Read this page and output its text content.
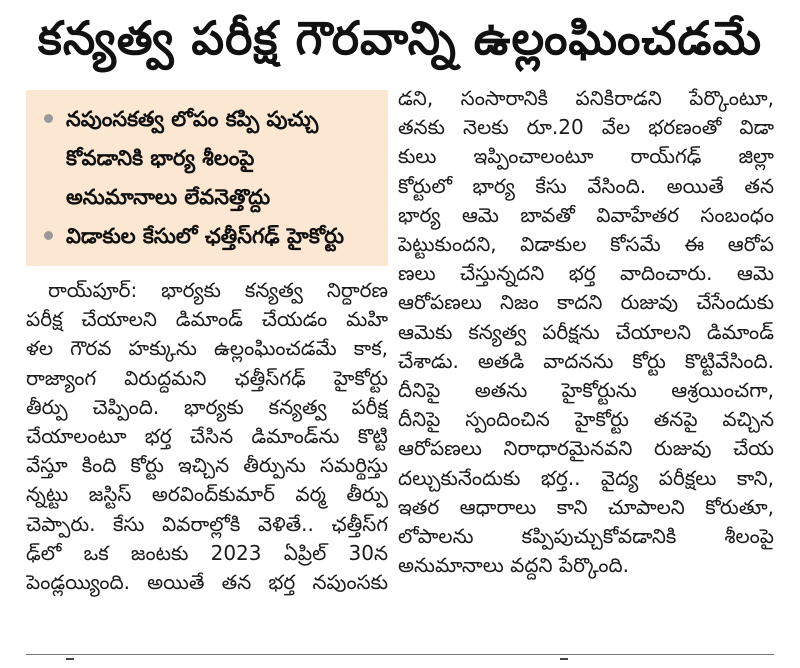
కన్యత్వ పరీక్ష గౌరవాన్ని ఉల్లంఘించడమే
నపుంసకత్వ లోపం కప్పి పుచ్చు
కోవడానికి భార్య శీలంపై
అనుమానాలు లేవనెత్తొద్దు
విడాకుల కేసులో ఛత్తీస్‌గఢ్ హైకోర్టు
రాయ్‌పూర్: భార్యకు కన్యత్వ నిర్ధారణ
పరీక్ష చేయాలని డిమాండ్ చేయడం మహి
ళల గౌరవ హక్కును ఉల్లంఘించడమే కాక,
రాజ్యాంగ విరుద్ధమని ఛత్తీస్‌గఢ్ హైకోర్టు
తీర్పు చెప్పింది. భార్యకు కన్యత్వ పరీక్ష
చేయాలంటూ భర్త చేసిన డిమాండ్‌ను కొట్టి
వేస్తూ కింది కోర్టు ఇచ్చిన తీర్పును సమర్థిస్తు
న్నట్టు జస్టిస్ అరవింద్‌కుమార్ వర్మ తీర్పు
చెప్పారు. కేసు వివరాల్లోకి వెళితే.. ఛత్తీస్‌గ
ఢ్‌లో ఒక జంటకు 2023 ఏప్రిల్ 30న
పెండ్లయ్యింది. అయితే తన భర్త నపుంసకు
డని, సంసారానికి పనికిరాడని పేర్కొంటూ,
తనకు నెలకు రూ.20 వేల భరణంతో విడా
కులు ఇప్పించాలంటూ రాయ్‌గఢ్ జిల్లా
కోర్టులో భార్య కేసు వేసింది. అయితే తన
భార్య ఆమె బావతో వివాహేతర సంబంధం
పెట్టుకుందని, విడాకుల కోసమే ఈ ఆరోప
ణలు చేస్తున్నదని భర్త వాదించారు. ఆమె
ఆరోపణలు నిజం కాదని రుజువు చేసేందుకు
ఆమెకు కన్యత్వ పరీక్షను చేయాలని డిమాండ్
చేశాడు. అతడి వాదనను కోర్టు కొట్టివేసింది.
దీనిపై అతను హైకోర్టును ఆశ్రయించగా,
దీనిపై స్పందించిన హైకోర్టు తనపై వచ్చిన
ఆరోపణలు నిరాధారమైనవని రుజువు చేయ
దల్చుకునేందుకు భర్త.. వైద్య పరీక్షలు కాని,
ఇతర ఆధారాలు కాని చూపాలని కోరుతూ,
లోపాలను కప్పిపుచ్చుకోవడానికి శీలంపై
అనుమానాలు వద్దని పేర్కొంది.
